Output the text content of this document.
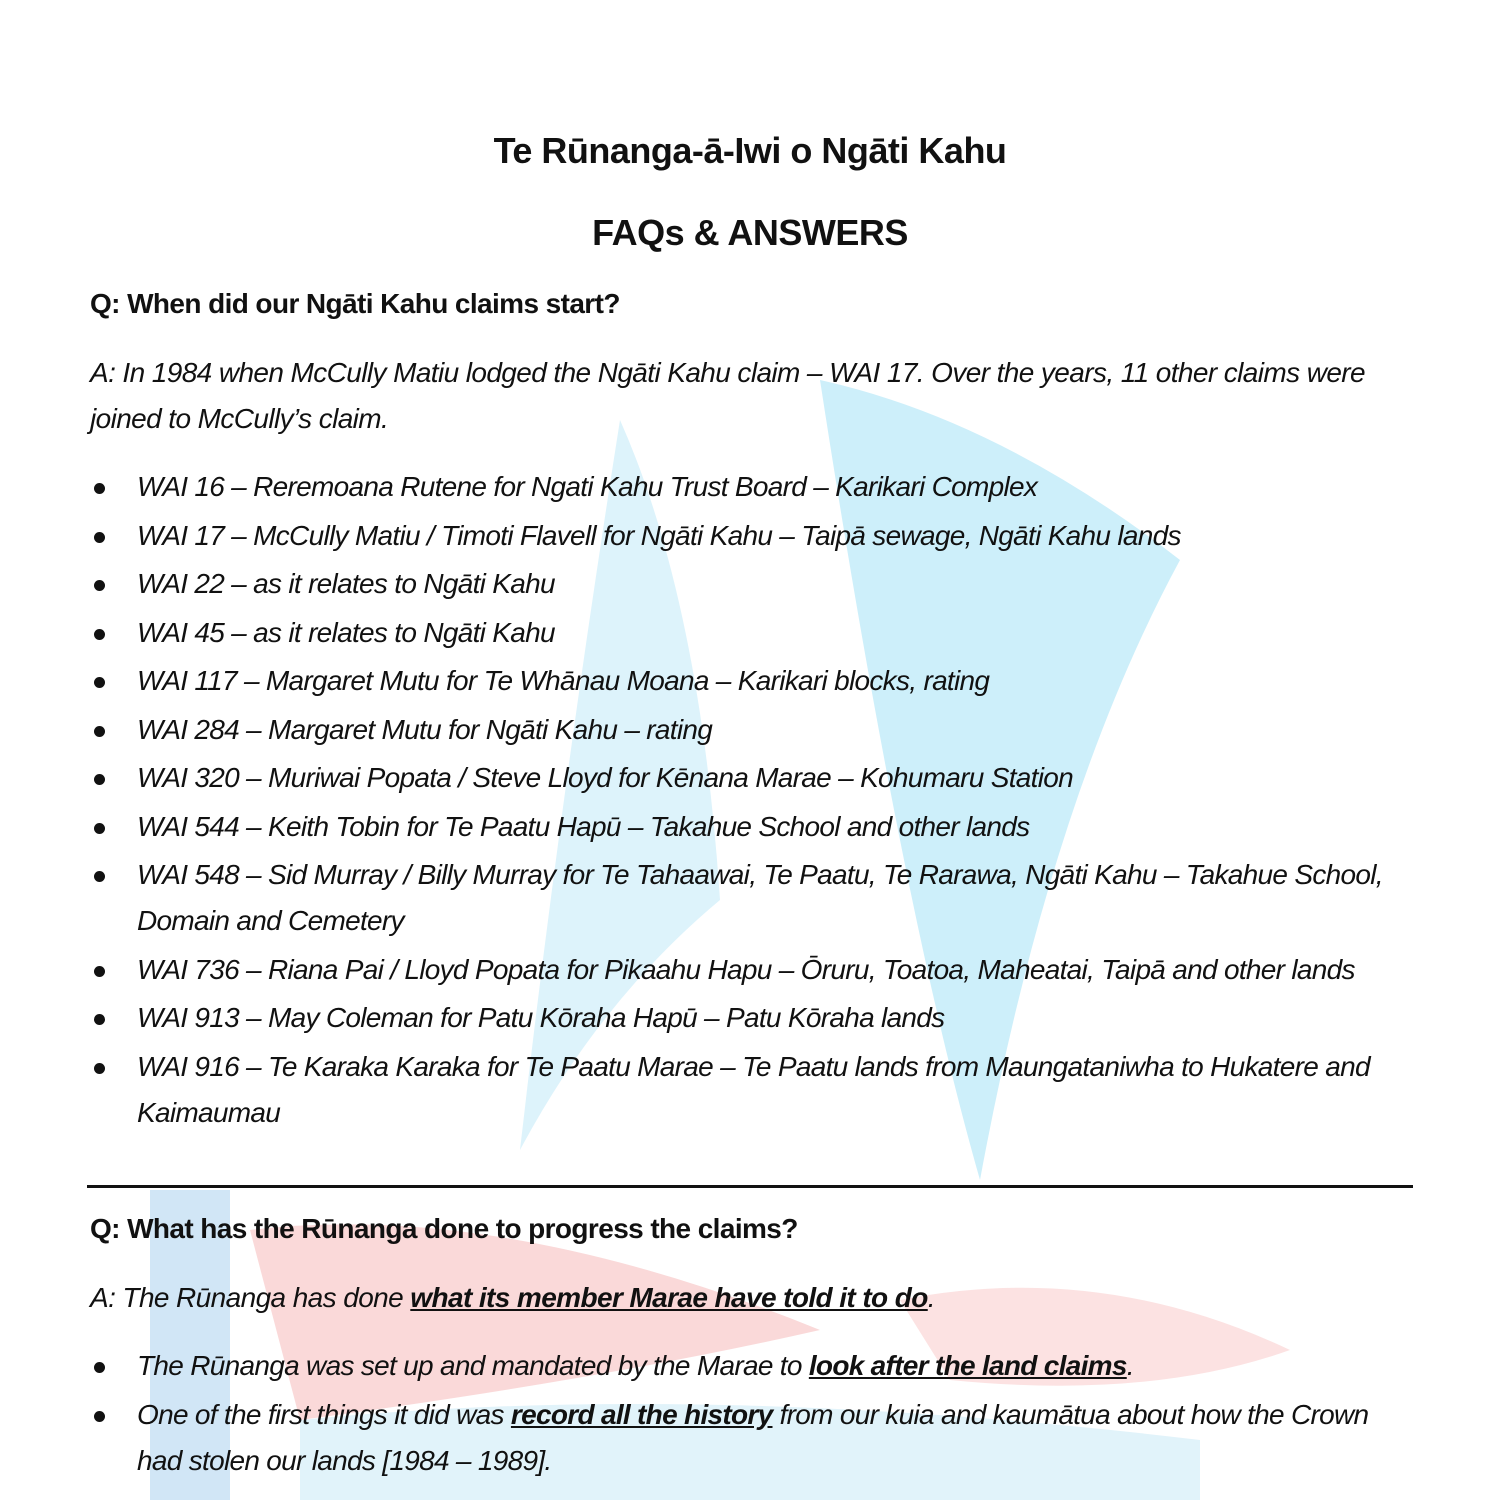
Te Rūnanga-ā-Iwi o Ngāti Kahu
FAQs & ANSWERS
Q: When did our Ngāti Kahu claims start?
A: In 1984 when McCully Matiu lodged the Ngāti Kahu claim – WAI 17. Over the years, 11 other claims were joined to McCully’s claim.
WAI 16 – Reremoana Rutene for Ngati Kahu Trust Board – Karikari Complex
WAI 17 – McCully Matiu / Timoti Flavell for Ngāti Kahu – Taipā sewage, Ngāti Kahu lands
WAI 22 – as it relates to Ngāti Kahu
WAI 45 – as it relates to Ngāti Kahu
WAI 117 – Margaret Mutu for Te Whānau Moana – Karikari blocks, rating
WAI 284 – Margaret Mutu for Ngāti Kahu – rating
WAI 320 – Muriwai Popata / Steve Lloyd for Kēnana Marae – Kohumaru Station
WAI 544 – Keith Tobin for Te Paatu Hapū – Takahue School and other lands
WAI 548 – Sid Murray / Billy Murray for Te Tahaawai, Te Paatu, Te Rarawa, Ngāti Kahu – Takahue School, Domain and Cemetery
WAI 736 – Riana Pai / Lloyd Popata for Pikaahu Hapu – Ōruru, Toatoa, Maheatai, Taipā and other lands
WAI 913 – May Coleman for Patu Kōraha Hapū – Patu Kōraha lands
WAI 916 – Te Karaka Karaka for Te Paatu Marae – Te Paatu lands from Maungataniwha to Hukatere and Kaimaumau
Q: What has the Rūnanga done to progress the claims?
A: The Rūnanga has done what its member Marae have told it to do.
The Rūnanga was set up and mandated by the Marae to look after the land claims.
One of the first things it did was record all the history from our kuia and kaumātua about how the Crown had stolen our lands [1984 – 1989].
